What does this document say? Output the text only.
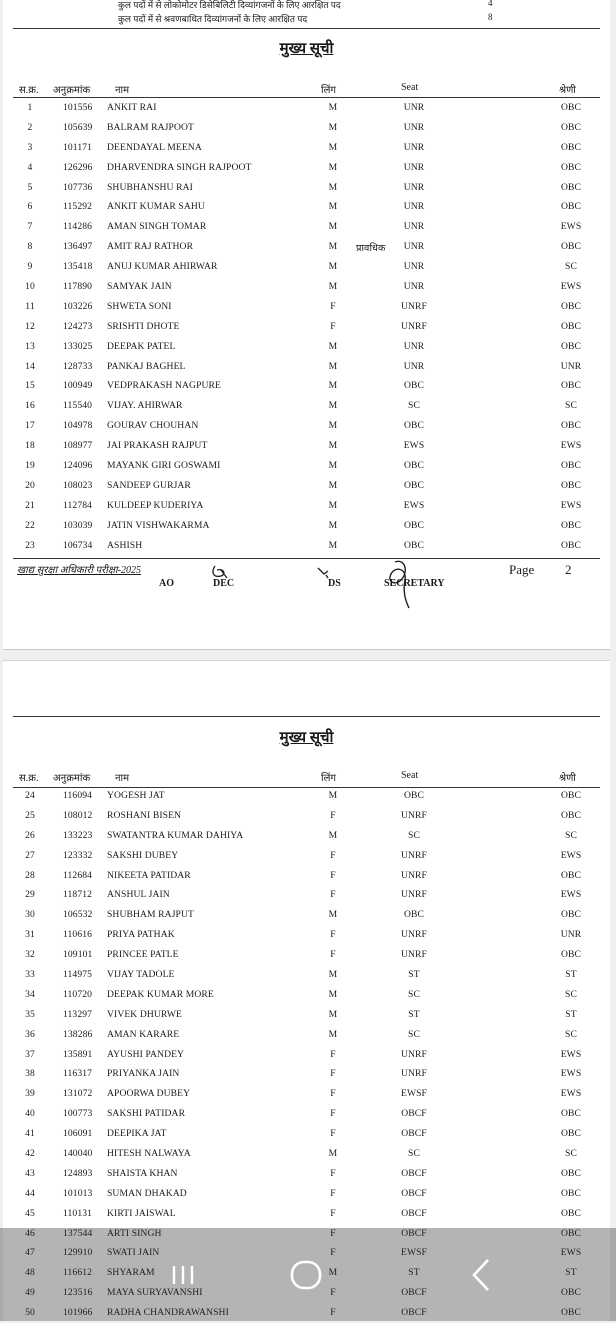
कुल पदों में से लोकोमोटर डिसेबिलिटी दिव्यांगजनों के लिए आरक्षित पद	4
कुल पदों में से श्रवणबाधित दिव्यांगजनों के लिए आरक्षित पद	8
मुख्य सूची
स.क्र. अनुक्रमांक नाम	लिंग	Seat	श्रेणी
1	101556 ANKIT RAI	M	UNR	OBC
2	105639 BALRAM RAJPOOT	M	UNR	OBC
3	101171 DEENDAYAL MEENA	M	UNR	OBC
4	126296 DHARVENDRA SINGH RAJPOOT	M	UNR	OBC
5	107736 SHUBHANSHU RAI	M	UNR	OBC
6	115292 ANKIT KUMAR SAHU	M	UNR	OBC
7	114286 AMAN SINGH TOMAR	M	UNR	EWS
8	136497 AMIT RAJ RATHOR	M	प्रावधिक	UNR	OBC
9	135418 ANUJ KUMAR AHIRWAR	M	UNR	SC
10	117890 SAMYAK JAIN	M	UNR	EWS
11	103226 SHWETA SONI	F	UNRF	OBC
12	124273 SRISHTI DHOTE	F	UNRF	OBC
13	133025 DEEPAK PATEL	M	UNR	OBC
14	128733 PANKAJ BAGHEL	M	UNR	UNR
15	100949 VEDPRAKASH NAGPURE	M	OBC	OBC
16	115540 VIJAY. AHIRWAR	M	SC	SC
17	104978 GOURAV CHOUHAN	M	OBC	OBC
18	108977 JAI PRAKASH RAJPUT	M	EWS	EWS
19	124096 MAYANK GIRI GOSWAMI	M	OBC	OBC
20	108023 SANDEEP GURJAR	M	OBC	OBC
21	112784 KULDEEP KUDERIYA	M	EWS	EWS
22	103039 JATIN VISHWAKARMA	M	OBC	OBC
23	106734 ASHISH	M	OBC	OBC
खाद्य सुरक्षा अधिकारी परीक्षा-2025
AO	DEC	DS	SECRETARY
Page 2
मुख्य सूची
स.क्र. अनुक्रमांक नाम	लिंग	Seat	श्रेणी
24	116094 YOGESH JAT	M	OBC	OBC
25	108012 ROSHANI BISEN	F	UNRF	OBC
26	133223 SWATANTRA KUMAR DAHIYA	M	SC	SC
27	123332 SAKSHI DUBEY	F	UNRF	EWS
28	112684 NIKEETA PATIDAR	F	UNRF	OBC
29	118712 ANSHUL JAIN	F	UNRF	EWS
30	106532 SHUBHAM RAJPUT	M	OBC	OBC
31	110616 PRIYA PATHAK	F	UNRF	UNR
32	109101 PRINCEE PATLE	F	UNRF	OBC
33	114975 VIJAY TADOLE	M	ST	ST
34	110720 DEEPAK KUMAR MORE	M	SC	SC
35	113297 VIVEK DHURWE	M	ST	ST
36	138286 AMAN KARARE	M	SC	SC
37	135891 AYUSHI PANDEY	F	UNRF	EWS
38	116317 PRIYANKA JAIN	F	UNRF	EWS
39	131072 APOORWA DUBEY	F	EWSF	EWS
40	100773 SAKSHI PATIDAR	F	OBCF	OBC
41	106091 DEEPIKA JAT	F	OBCF	OBC
42	140040 HITESH NALWAYA	M	SC	SC
43	124893 SHAISTA KHAN	F	OBCF	OBC
44	101013 SUMAN DHAKAD	F	OBCF	OBC
45	110131 KIRTI JAISWAL	F	OBCF	OBC
46	137544 ARTI SINGH	F	OBCF	OBC
47	129910 SWATI JAIN	F	EWSF	EWS
48	116612 SHYARAM	M	ST	ST
49	123516 MAYA SURYAVANSHI	F	OBCF	OBC
50	101966 RADHA CHANDRAWANSHI	F	OBCF	OBC
